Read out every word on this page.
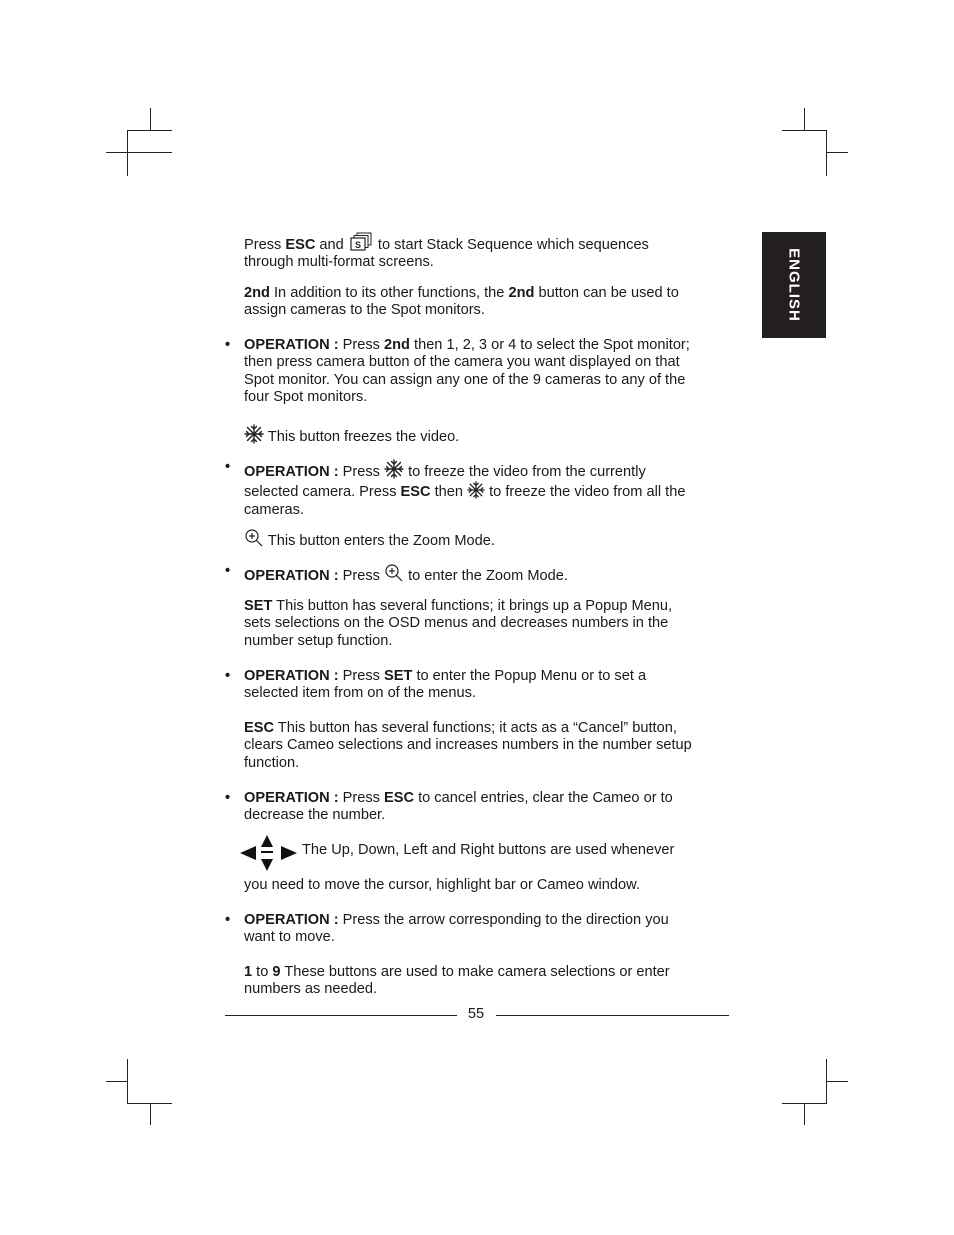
ENGLISH

Press ESC and S to start Stack Sequence which sequences
through multi-format screens.

2nd In addition to its other functions, the 2nd button can be used to
assign cameras to the Spot monitors.

• OPERATION : Press 2nd then 1, 2, 3 or 4 to select the Spot monitor;
then press camera button of the camera you want displayed on that
Spot monitor. You can assign any one of the 9 cameras to any of the
four Spot monitors.

This button freezes the video.

• OPERATION : Press
to freeze the video from the currently
selected camera. Press ESC then
to freeze the video from all the
cameras.

This button enters the Zoom Mode.

• OPERATION : Press
to enter the Zoom Mode.

SET This button has several functions; it brings up a Popup Menu,
sets selections on the OSD menus and decreases numbers in the
number setup function.

• OPERATION : Press SET to enter the Popup Menu or to set a
selected item from on of the menus.

ESC This button has several functions; it acts as a “Cancel” button,
clears Cameo selections and increases numbers in the number setup
function.

• OPERATION : Press ESC to cancel entries, clear the Cameo or to
decrease the number.

The Up, Down, Left and Right buttons are used whenever

you need to move the cursor, highlight bar or Cameo window.

• OPERATION : Press the arrow corresponding to the direction you
want to move.

1 to 9 These buttons are used to make camera selections or enter
numbers as needed.

55
